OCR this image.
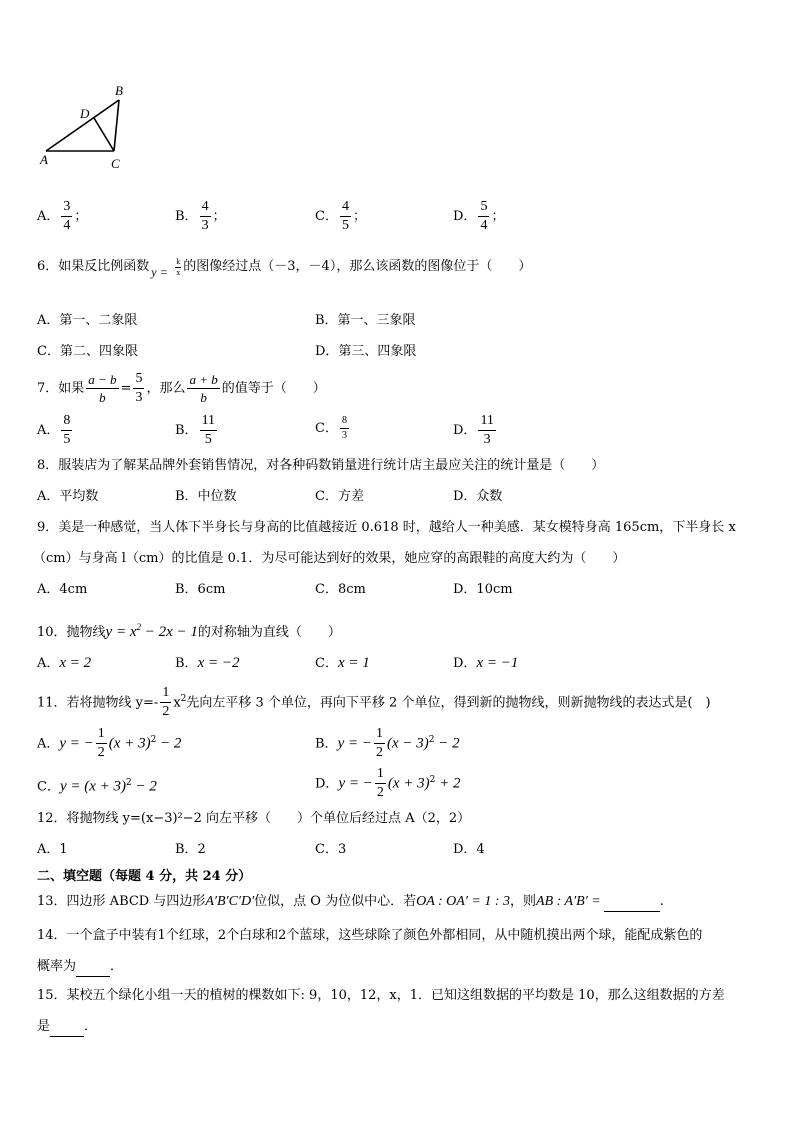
B
D
A	C
A． $\frac{3}{4}$ ；	B． $\frac{4}{3}$ ；	C． $\frac{4}{5}$ ；	D． $\frac{5}{4}$ ；
6．如果反比例函数 $y = \frac{k}{x}$ 的图像经过点（－3，－4），那么该函数的图像位于（　　）
A．第一、二象限	B．第一、三象限
C．第二、四象限	D．第三、四象限
7．如果 $\frac{a - b}{b} = \frac{5}{3}$ ，那么 $\frac{a + b}{b}$ 的值等于（　　）
A． $\frac{8}{5}$	B． $\frac{11}{5}$	C． $\frac{8}{3}$	D． $\frac{11}{3}$
8．服装店为了解某品牌外套销售情况，对各种码数销量进行统计店主最应关注的统计量是（　　）
A．平均数	B．中位数	C．方差	D．众数
9．美是一种感觉，当人体下半身长与身高的比值越接近 0.618 时，越给人一种美感．某女模特身高 165cm，下半身长 x
（cm）与身高 l（cm）的比值是 0.1．为尽可能达到好的效果，她应穿的高跟鞋的高度大约为（　　）
A．4cm	B．6cm	C．8cm	D．10cm
10．抛物线$y = x^2 - 2x - 1$的对称轴为直线（　　）
A．x = 2	B．x = −2	C．x = 1	D．x = −1
11．若将抛物线 $y=- \frac{1}{2} x^2$先向左平移 3 个单位，再向下平移 2 个单位，得到新的抛物线，则新抛物线的表达式是(　)
A．y = − $\frac{1}{2} (x + 3)^2 - 2$	B．y = − $\frac{1}{2} (x - 3)^2 - 2$
C．$y = (x + 3)^2 - 2$	D．y = − $\frac{1}{2} (x + 3)^2 + 2$
12．将抛物线 y=(x−3)²−2 向左平移（　　）个单位后经过点 A（2，2）
A．1	B．2	C．3	D．4
二、填空题（每题 4 分，共 24 分）
13．四边形 ABCD 与四边形A′B′C′D′位似，点 O 为位似中心．若OA : OA′ = 1 : 3，则AB : A′B′ =	.
14．一个盒子中装有1个红球，2个白球和2个蓝球，这些球除了颜色外都相同，从中随机摸出两个球，能配成紫色的
概率为	．
15．某校五个绿化小组一天的植树的棵数如下: 9，10，12，x，1．已知这组数据的平均数是 10，那么这组数据的方差
是	．
